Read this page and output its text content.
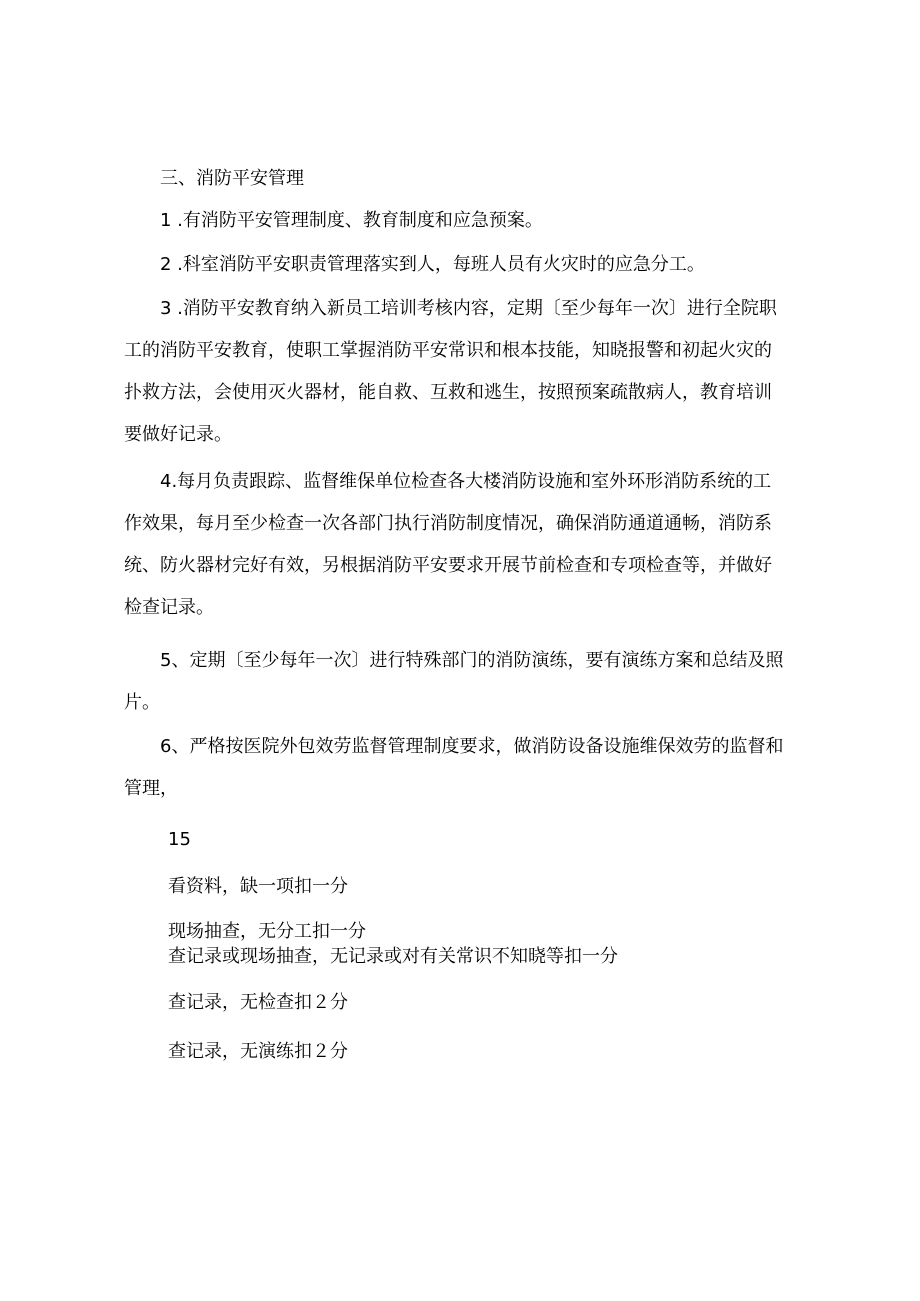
三、消防平安管理

1 .有消防平安管理制度、教育制度和应急预案。

2 .科室消防平安职责管理落实到人，每班人员有火灾时的应急分工。

3 .消防平安教育纳入新员工培训考核内容，定期〔至少每年一次〕进行全院职工的消防平安教育，使职工掌握消防平安常识和根本技能，知晓报警和初起火灾的扑救方法，会使用灭火器材，能自救、互救和逃生，按照预案疏散病人，教育培训要做好记录。

4.每月负责跟踪、监督维保单位检查各大楼消防设施和室外环形消防系统的工作效果，每月至少检查一次各部门执行消防制度情况，确保消防通道通畅，消防系统、防火器材完好有效，另根据消防平安要求开展节前检查和专项检查等，并做好检查记录。

5、定期〔至少每年一次〕进行特殊部门的消防演练，要有演练方案和总结及照片。

6、严格按医院外包效劳监督管理制度要求，做消防设备设施维保效劳的监督和管理，

15

看资料，缺一项扣一分

现场抽查，无分工扣一分

查记录或现场抽查，无记录或对有关常识不知晓等扣一分

查记录，无检查扣２分

查记录，无演练扣２分
